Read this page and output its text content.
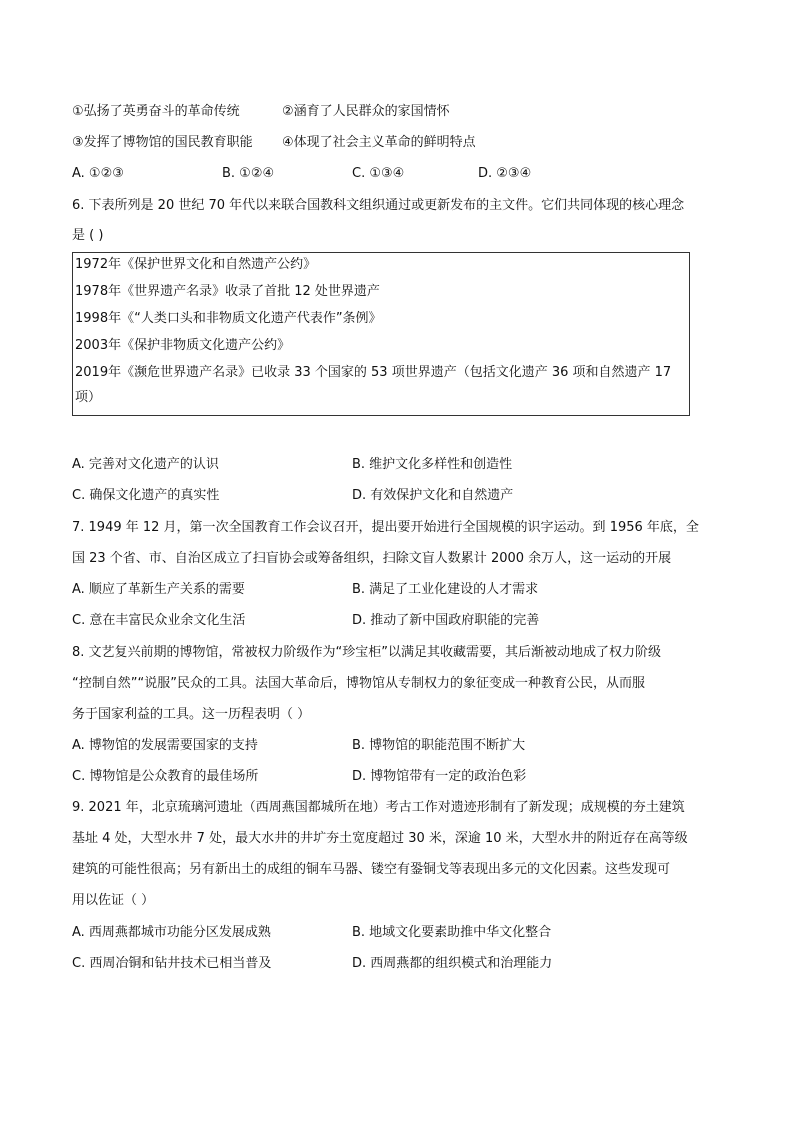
①弘扬了英勇奋斗的革命传统	②涵育了人民群众的家国情怀
③发挥了博物馆的国民教育职能 ④体现了社会主义革命的鲜明特点
A. ①②③	B. ①②④	C. ①③④	D. ②③④
6. 下表所列是 20 世纪 70 年代以来联合国教科文组织通过或更新发布的主文件。它们共同体现的核心理念
是 ( )
1972年《保护世界文化和自然遗产公约》
1978年《世界遗产名录》收录了首批 12 处世界遗产
1998年《“人类口头和非物质文化遗产代表作”条例》
2003年《保护非物质文化遗产公约》
2019年《濒危世界遗产名录》已收录 33 个国家的 53 项世界遗产（包括文化遗产 36 项和自然遗产 17
项）
A. 完善对文化遗产的认识	B. 维护文化多样性和创造性
C. 确保文化遗产的真实性	D. 有效保护文化和自然遗产
7. 1949 年 12 月，第一次全国教育工作会议召开，提出要开始进行全国规模的识字运动。到 1956 年底，全
国 23 个省、市、自治区成立了扫盲协会或筹备组织，扫除文盲人数累计 2000 余万人，这一运动的开展
A. 顺应了革新生产关系的需要	B. 满足了工业化建设的人才需求
C. 意在丰富民众业余文化生活	D. 推动了新中国政府职能的完善
8. 文艺复兴前期的博物馆，常被权力阶级作为“珍宝柜”以满足其收藏需要，其后渐被动地成了权力阶级
“控制自然”“说服”民众的工具。法国大革命后，博物馆从专制权力的象征变成一种教育公民，从而服
务于国家利益的工具。这一历程表明（ ）
A. 博物馆的发展需要国家的支持	B. 博物馆的职能范围不断扩大
C. 博物馆是公众教育的最佳场所	D. 博物馆带有一定的政治色彩
9. 2021 年，北京琉璃河遗址（西周燕国都城所在地）考古工作对遗迹形制有了新发现；成规模的夯土建筑
基址 4 处，大型水井 7 处，最大水井的井圹夯土宽度超过 30 米，深逾 10 米，大型水井的附近存在高等级
建筑的可能性很高；另有新出土的成组的铜车马器、镂空有銎铜戈等表现出多元的文化因素。这些发现可
用以佐证（ ）
A. 西周燕都城市功能分区发展成熟	B. 地域文化要素助推中华文化整合
C. 西周冶铜和钻井技术已相当普及	D. 西周燕都的组织模式和治理能力
